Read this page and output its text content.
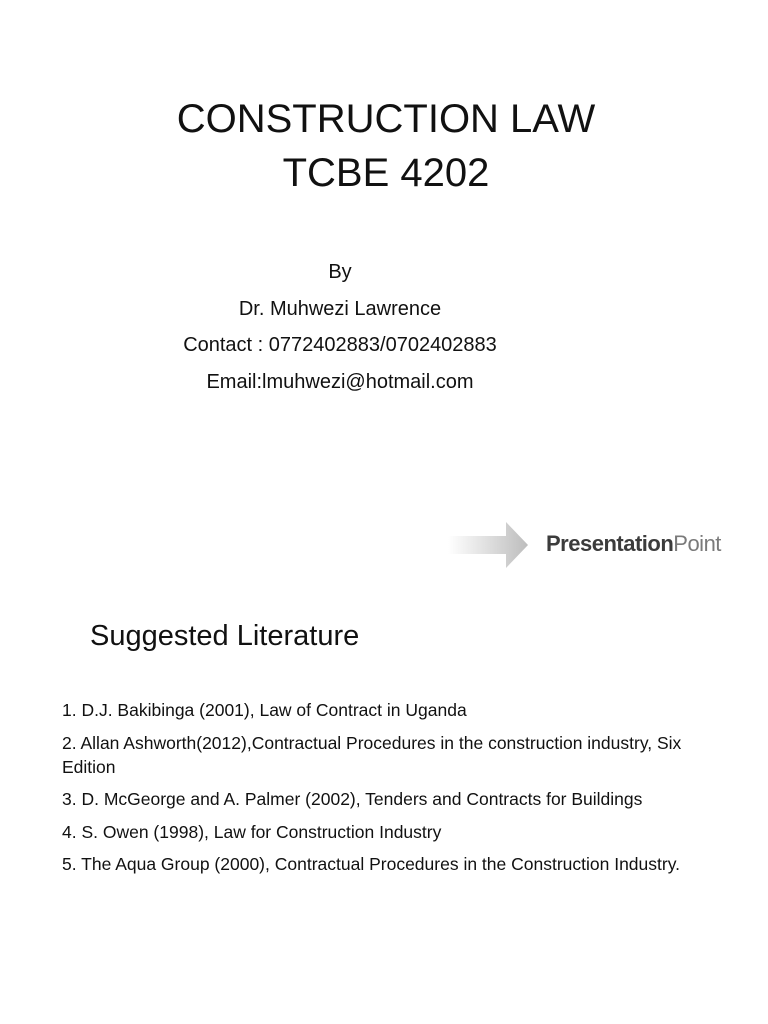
CONSTRUCTION LAW
TCBE 4202
By
Dr. Muhwezi Lawrence
Contact : 0772402883/0702402883
Email:lmuhwezi@hotmail.com
PresentationPoint
Suggested Literature
1. D.J. Bakibinga (2001), Law of Contract in Uganda
2. Allan Ashworth(2012),Contractual Procedures in the construction industry, Six Edition
3. D. McGeorge and A. Palmer (2002), Tenders and Contracts for Buildings
4. S. Owen (1998), Law for Construction Industry
5. The Aqua Group (2000), Contractual Procedures in the Construction Industry.
